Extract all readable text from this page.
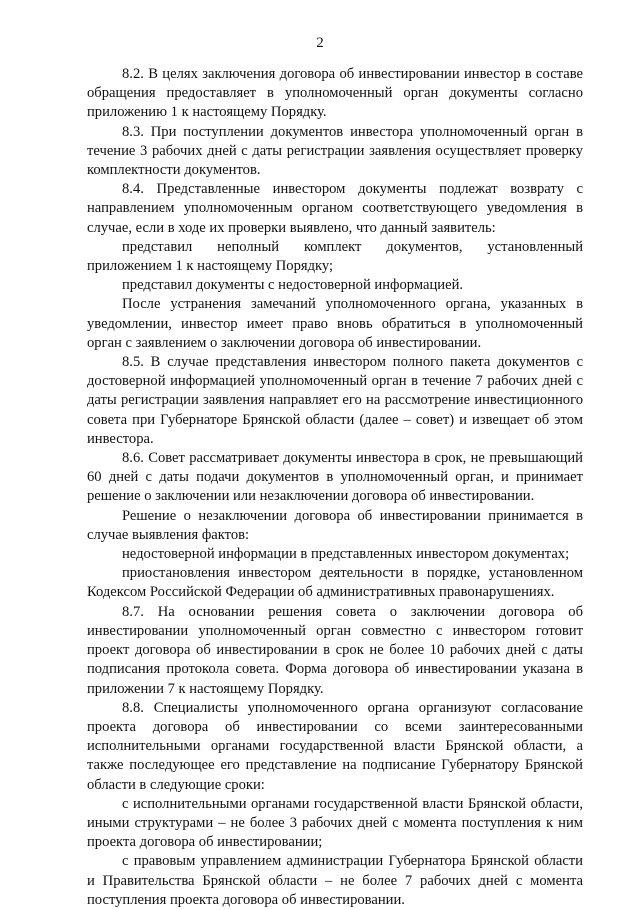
2

8.2. В целях заключения договора об инвестировании инвестор в составе обращения предоставляет в уполномоченный орган документы согласно приложению 1 к настоящему Порядку.

8.3. При поступлении документов инвестора уполномоченный орган в течение 3 рабочих дней с даты регистрации заявления осуществляет проверку комплектности документов.

8.4. Представленные инвестором документы подлежат возврату с направлением уполномоченным органом соответствующего уведомления в случае, если в ходе их проверки выявлено, что данный заявитель:

представил неполный комплект документов, установленный приложением 1 к настоящему Порядку;

представил документы с недостоверной информацией.

После устранения замечаний уполномоченного органа, указанных в уведомлении, инвестор имеет право вновь обратиться в уполномоченный орган с заявлением о заключении договора об инвестировании.

8.5. В случае представления инвестором полного пакета документов с достоверной информацией уполномоченный орган в течение 7 рабочих дней с даты регистрации заявления направляет его на рассмотрение инвестиционного совета при Губернаторе Брянской области (далее – совет) и извещает об этом инвестора.

8.6. Совет рассматривает документы инвестора в срок, не превышающий 60 дней с даты подачи документов в уполномоченный орган, и принимает решение о заключении или незаключении договора об инвестировании.

Решение о незаключении договора об инвестировании принимается в случае выявления фактов:

недостоверной информации в представленных инвестором документах;

приостановления инвестором деятельности в порядке, установленном Кодексом Российской Федерации об административных правонарушениях.

8.7. На основании решения совета о заключении договора об инвестировании уполномоченный орган совместно с инвестором готовит проект договора об инвестировании в срок не более 10 рабочих дней с даты подписания протокола совета. Форма договора об инвестировании указана в приложении 7 к настоящему Порядку.

8.8. Специалисты уполномоченного органа организуют согласование проекта договора об инвестировании со всеми заинтересованными исполнительными органами государственной власти Брянской области, а также последующее его представление на подписание Губернатору Брянской области в следующие сроки:

с исполнительными органами государственной власти Брянской области, иными структурами – не более 3 рабочих дней с момента поступления к ним проекта договора об инвестировании;

с правовым управлением администрации Губернатора Брянской области и Правительства Брянской области – не более 7 рабочих дней с момента поступления проекта договора об инвестировании.
